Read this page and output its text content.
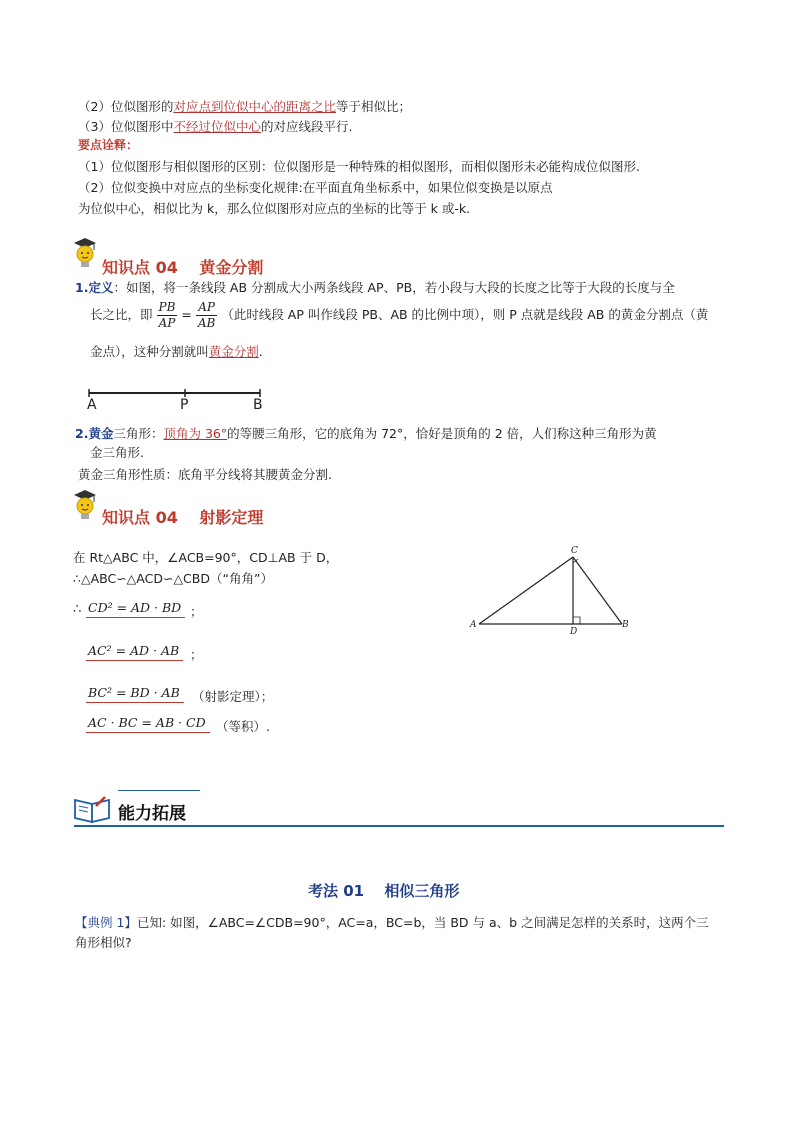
（2）位似图形的对应点到位似中心的距离之比等于相似比；
（3）位似图形中不经过位似中心的对应线段平行.
要点诠释：
（1）位似图形与相似图形的区别：位似图形是一种特殊的相似图形，而相似图形未必能构成位似图形.
（2）位似变换中对应点的坐标变化规律:在平面直角坐标系中，如果位似变换是以原点
为位似中心，相似比为 k，那么位似图形对应点的坐标的比等于 k 或-k.
知识点 04　 黄金分割
1.定义：如图，将一条线段 AB 分割成大小两条线段 AP、PB，若小段与大段的长度之比等于大段的长度与全
长之比，即 $\frac{PB}{AP} = \frac{AP}{AB}$ （此时线段 AP 叫作线段 PB、AB 的比例中项），则 P 点就是线段 AB 的黄金分割点（黄
金点），这种分割就叫黄金分割.
A	P	B
2.黄金三角形：顶角为 36°的等腰三角形，它的底角为 72°，恰好是顶角的 2 倍，人们称这种三角形为黄
金三角形.
黄金三角形性质：底角平分线将其腰黄金分割.
知识点 04　 射影定理
在 Rt△ABC 中，∠ACB=90°，CD⊥AB 于 D，
∴△ABC∽△ACD∽△CBD（“角角”）
∴ CD² = AD · BD ；
AC² = AD · AB ；
BC² = BD · AB （射影定理）；
AC · BC = AB · CD （等积）.
A	B
C
D
能力拓展
考法 01　 相似三角形
【典例 1】已知: 如图，∠ABC=∠CDB=90°，AC=a，BC=b，当 BD 与 a、b 之间满足怎样的关系时，这两个三
角形相似?
